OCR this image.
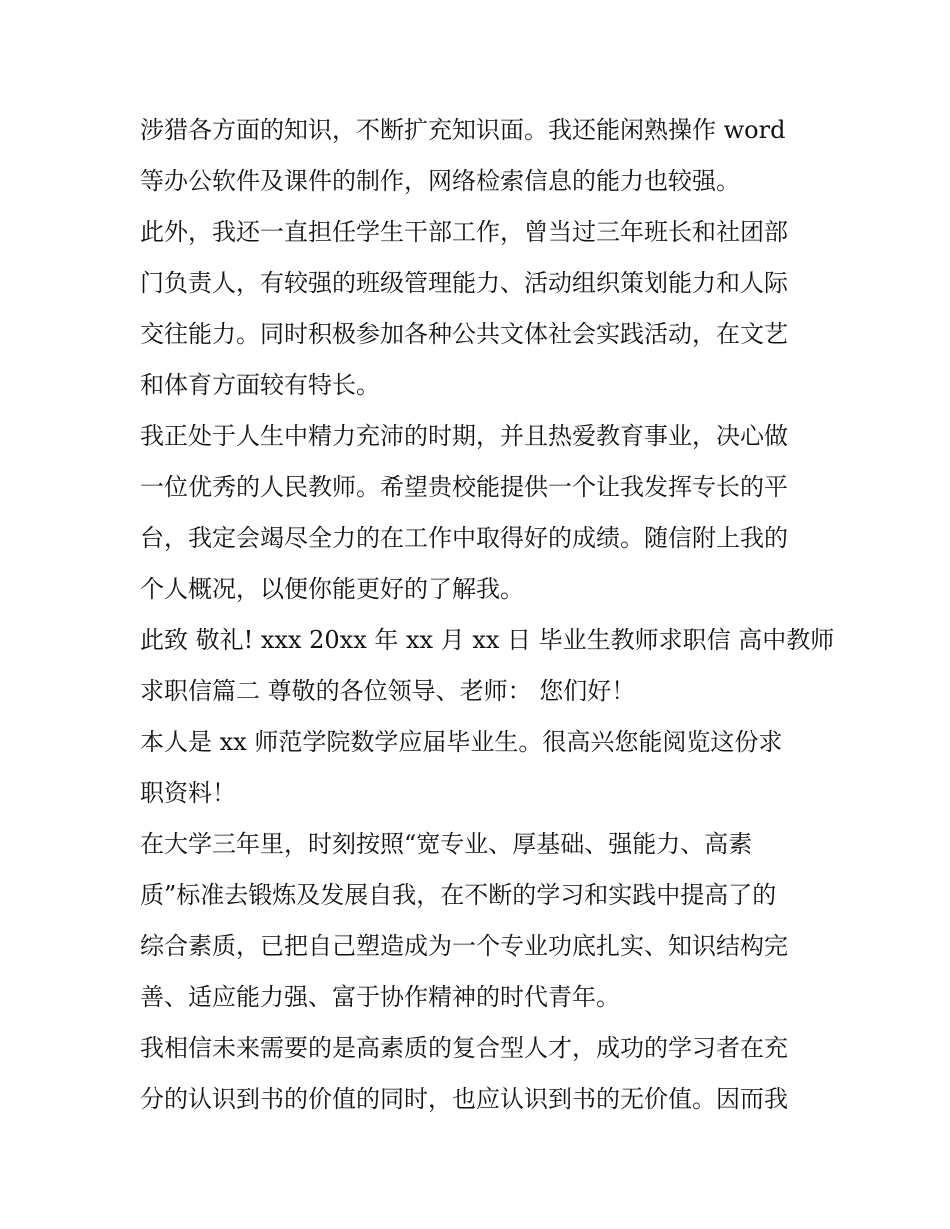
涉猎各方面的知识，不断扩充知识面。我还能闲熟操作 word
等办公软件及课件的制作，网络检索信息的能力也较强。

此外，我还一直担任学生干部工作，曾当过三年班长和社团部
门负责人，有较强的班级管理能力、活动组织策划能力和人际
交往能力。同时积极参加各种公共文体社会实践活动，在文艺
和体育方面较有特长。

我正处于人生中精力充沛的时期，并且热爱教育事业，决心做
一位优秀的人民教师。希望贵校能提供一个让我发挥专长的平
台，我定会竭尽全力的在工作中取得好的成绩。随信附上我的
个人概况，以便你能更好的了解我。

此致 敬礼! xxx 20xx 年 xx 月 xx 日 毕业生教师求职信 高中教师
求职信篇二 尊敬的各位领导、老师： 您们好！

本人是 xx 师范学院数学应届毕业生。很高兴您能阅览这份求
职资料！

在大学三年里，时刻按照“宽专业、厚基础、强能力、高素
质”标准去锻炼及发展自我，在不断的学习和实践中提高了的
综合素质，已把自己塑造成为一个专业功底扎实、知识结构完
善、适应能力强、富于协作精神的时代青年。

我相信未来需要的是高素质的复合型人才，成功的学习者在充
分的认识到书的价值的同时，也应认识到书的无价值。因而我
